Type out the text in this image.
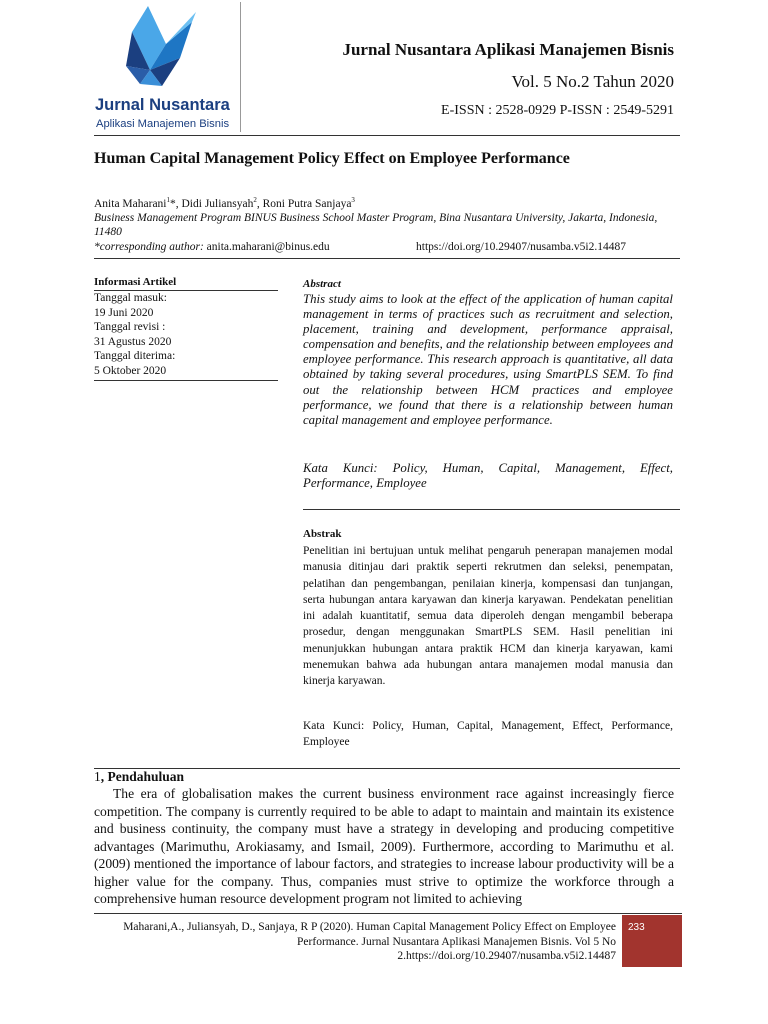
Jurnal Nusantara
Aplikasi Manajemen Bisnis
Jurnal Nusantara Aplikasi Manajemen Bisnis
Vol. 5 No.2 Tahun 2020
E-ISSN : 2528-0929 P-ISSN : 2549-5291
Human Capital Management Policy Effect on Employee Performance
Anita Maharani$^1$*, Didi Juliansyah$^2$, Roni Putra Sanjaya$^3$
Business Management Program BINUS Business School Master Program, Bina Nusantara University, Jakarta, Indonesia, 11480
*corresponding author: anita.maharani@binus.edu	https://doi.org/10.29407/nusamba.v5i2.14487
Informasi Artikel
Tanggal masuk:
19 Juni 2020
Tanggal revisi :
31 Agustus 2020
Tanggal diterima:
5 Oktober 2020
Abstract
This study aims to look at the effect of the application of human capital management in terms of practices such as recruitment and selection, placement, training and development, performance appraisal, compensation and benefits, and the relationship between employees and employee performance. This research approach is quantitative, all data obtained by taking several procedures, using SmartPLS SEM. To find out the relationship between HCM practices and employee performance, we found that there is a relationship between human capital management and employee performance.
Kata Kunci: Policy, Human, Capital, Management, Effect, Performance, Employee
Abstrak
Penelitian ini bertujuan untuk melihat pengaruh penerapan manajemen modal manusia ditinjau dari praktik seperti rekrutmen dan seleksi, penempatan, pelatihan dan pengembangan, penilaian kinerja, kompensasi dan tunjangan, serta hubungan antara karyawan dan kinerja karyawan. Pendekatan penelitian ini adalah kuantitatif, semua data diperoleh dengan mengambil beberapa prosedur, dengan menggunakan SmartPLS SEM. Hasil penelitian ini menunjukkan hubungan antara praktik HCM dan kinerja karyawan, kami menemukan bahwa ada hubungan antara manajemen modal manusia dan kinerja karyawan.
Kata Kunci: Policy, Human, Capital, Management, Effect, Performance, Employee
1, Pendahuluan
The era of globalisation makes the current business environment race against increasingly fierce competition. The company is currently required to be able to adapt to maintain and maintain its existence and business continuity, the company must have a strategy in developing and producing competitive advantages (Marimuthu, Arokiasamy, and Ismail, 2009). Furthermore, according to Marimuthu et al. (2009) mentioned the importance of labour factors, and strategies to increase labour productivity will be a higher value for the company. Thus, companies must strive to optimize the workforce through a comprehensive human resource development program not limited to achieving
Maharani,A., Juliansyah, D., Sanjaya, R P (2020). Human Capital Management Policy Effect on Employee Performance. Jurnal Nusantara Aplikasi Manajemen Bisnis. Vol 5 No 2.https://doi.org/10.29407/nusamba.v5i2.14487
233
